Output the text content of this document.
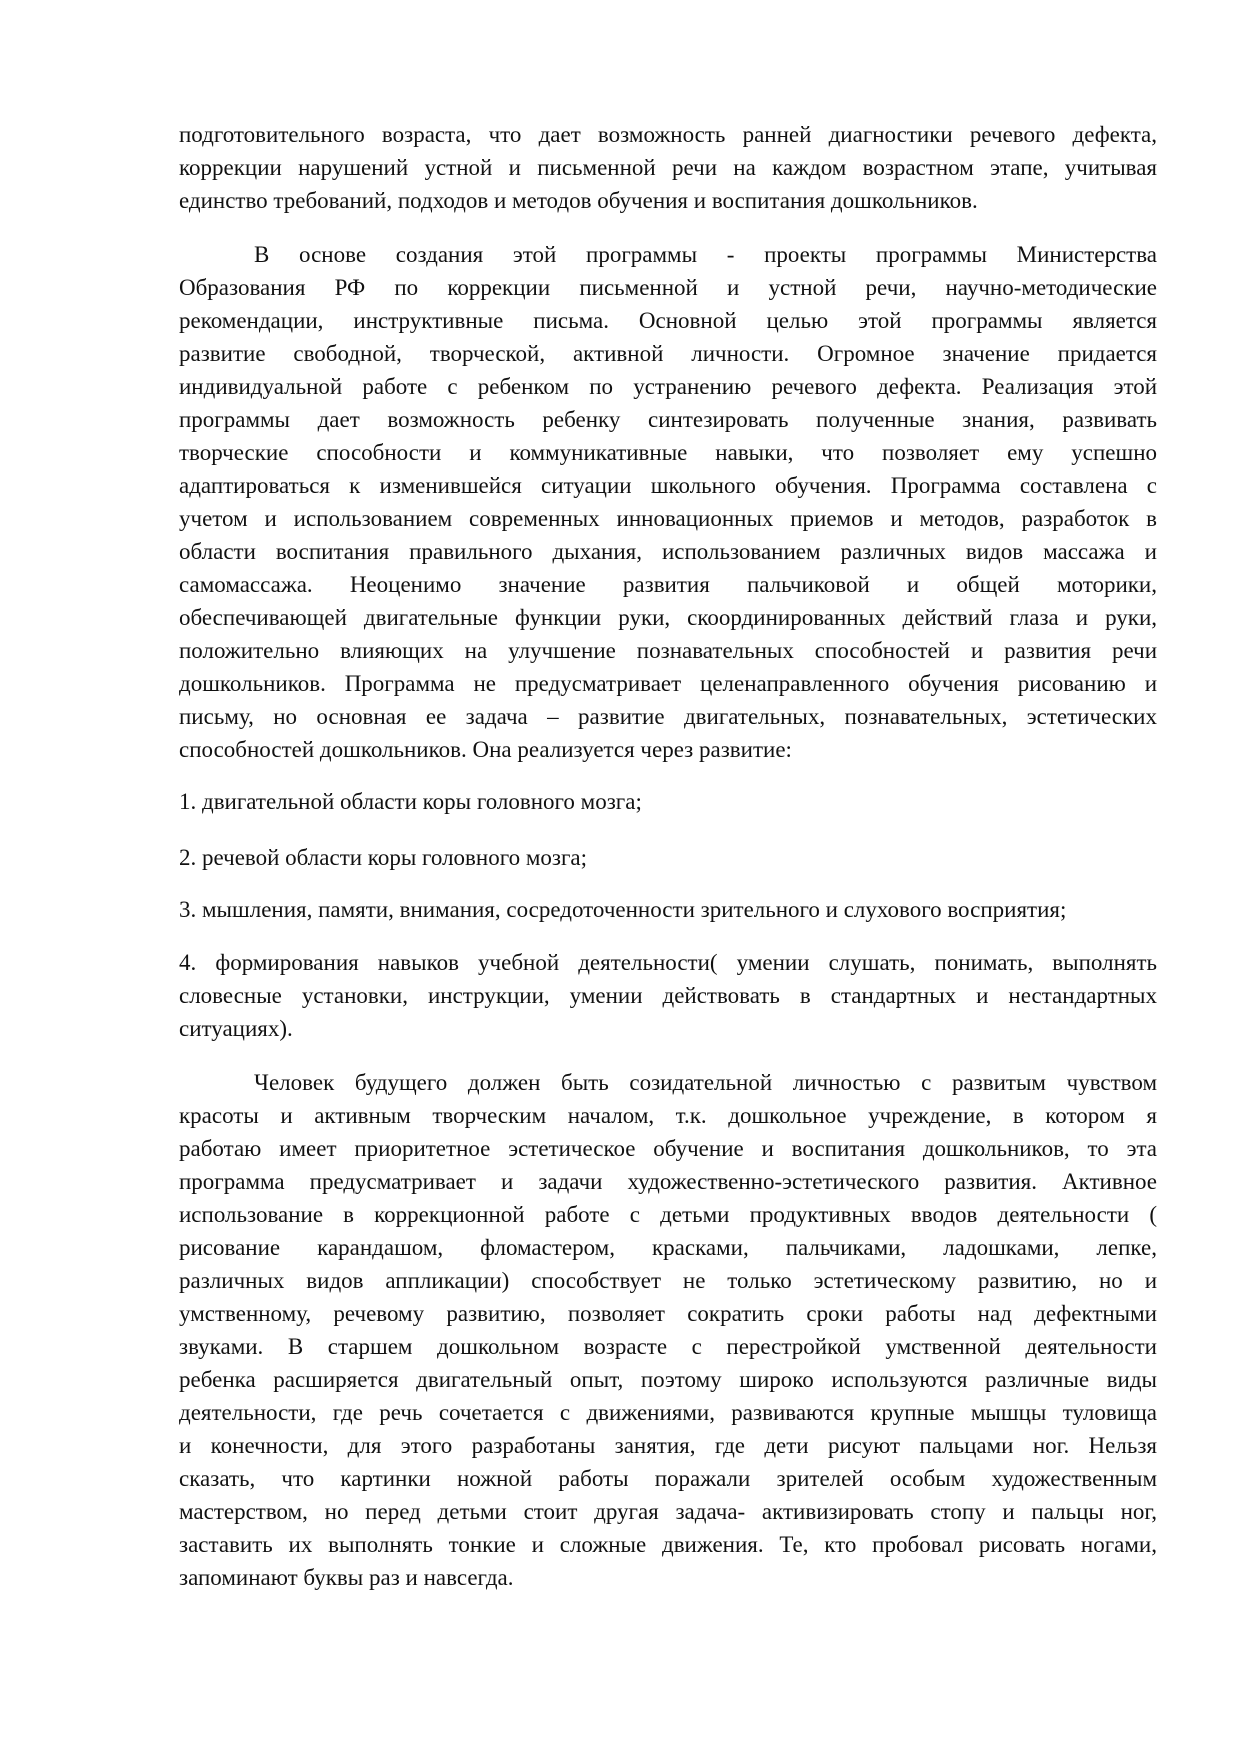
подготовительного возраста, что дает возможность ранней диагностики речевого дефекта,
коррекции нарушений устной и письменной речи на каждом возрастном этапе, учитывая
единство требований, подходов и методов обучения и воспитания дошкольников.
В основе создания этой программы - проекты программы Министерства
Образования РФ по коррекции письменной и устной речи, научно-методические
рекомендации, инструктивные письма. Основной целью этой программы является
развитие свободной, творческой, активной личности. Огромное значение придается
индивидуальной работе с ребенком по устранению речевого дефекта. Реализация этой
программы дает возможность ребенку синтезировать полученные знания, развивать
творческие способности и коммуникативные навыки, что позволяет ему успешно
адаптироваться к изменившейся ситуации школьного обучения. Программа составлена с
учетом и использованием современных инновационных приемов и методов, разработок в
области воспитания правильного дыхания, использованием различных видов массажа и
самомассажа. Неоценимо значение развития пальчиковой и общей моторики,
обеспечивающей двигательные функции руки, скоординированных действий глаза и руки,
положительно влияющих на улучшение познавательных способностей и развития речи
дошкольников. Программа не предусматривает целенаправленного обучения рисованию и
письму, но основная ее задача – развитие двигательных, познавательных, эстетических
способностей дошкольников. Она реализуется через развитие:
1. двигательной области коры головного мозга;
2. речевой области коры головного мозга;
3. мышления, памяти, внимания, сосредоточенности зрительного и слухового восприятия;
4. формирования навыков учебной деятельности( умении слушать, понимать, выполнять
словесные установки, инструкции, умении действовать в стандартных и нестандартных
ситуациях).
Человек будущего должен быть созидательной личностью с развитым чувством
красоты и активным творческим началом, т.к. дошкольное учреждение, в котором я
работаю имеет приоритетное эстетическое обучение и воспитания дошкольников, то эта
программа предусматривает и задачи художественно-эстетического развития. Активное
использование в коррекционной работе с детьми продуктивных вводов деятельности (
рисование карандашом, фломастером, красками, пальчиками, ладошками, лепке,
различных видов аппликации) способствует не только эстетическому развитию, но и
умственному, речевому развитию, позволяет сократить сроки работы над дефектными
звуками. В старшем дошкольном возрасте с перестройкой умственной деятельности
ребенка расширяется двигательный опыт, поэтому широко используются различные виды
деятельности, где речь сочетается с движениями, развиваются крупные мышцы туловища
и конечности, для этого разработаны занятия, где дети рисуют пальцами ног. Нельзя
сказать, что картинки ножной работы поражали зрителей особым художественным
мастерством, но перед детьми стоит другая задача- активизировать стопу и пальцы ног,
заставить их выполнять тонкие и сложные движения. Те, кто пробовал рисовать ногами,
запоминают буквы раз и навсегда.
